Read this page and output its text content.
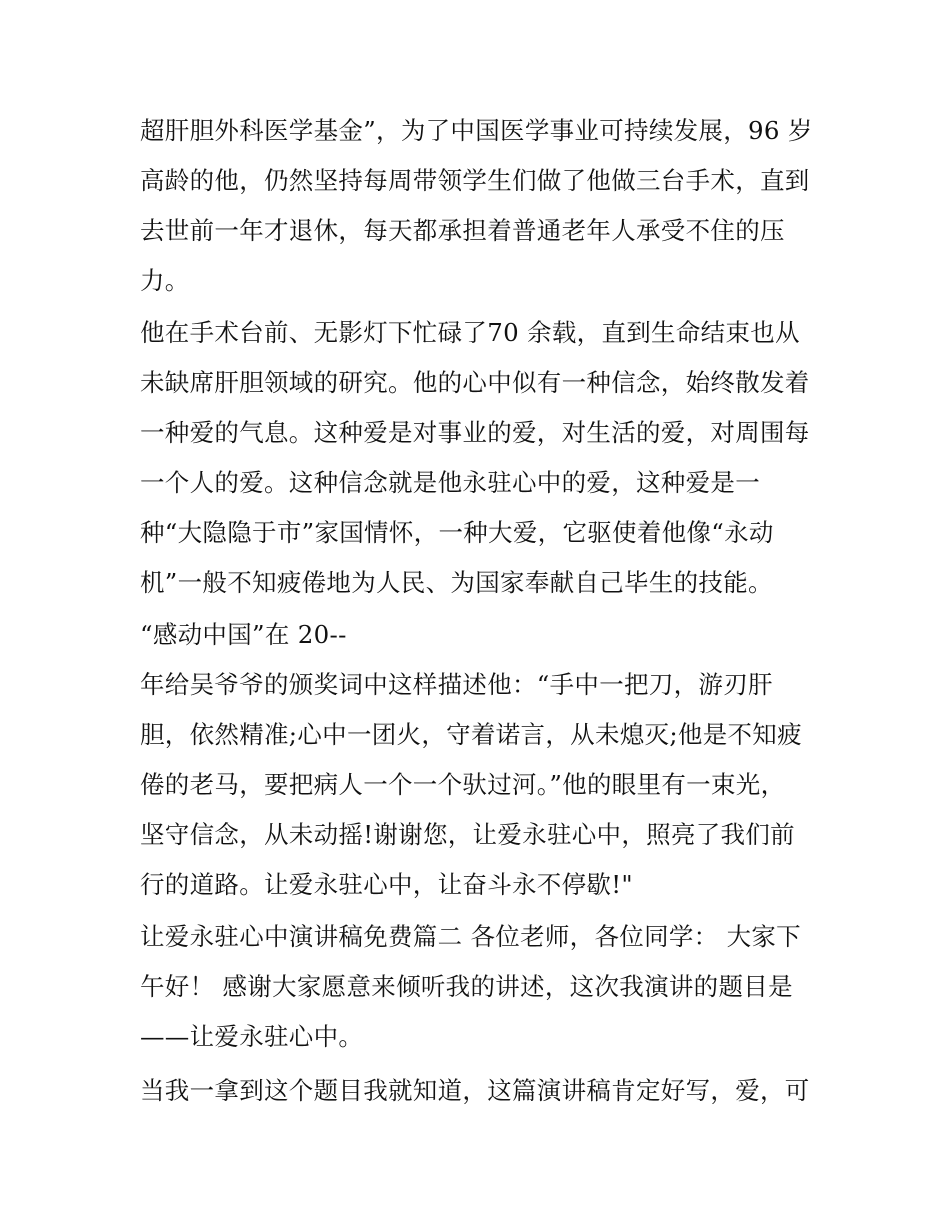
超肝胆外科医学基金”，为了中国医学事业可持续发展，96 岁
高龄的他，仍然坚持每周带领学生们做了他做三台手术，直到
去世前一年才退休，每天都承担着普通老年人承受不住的压
力。
他在手术台前、无影灯下忙碌了70 余载，直到生命结束也从
未缺席肝胆领域的研究。他的心中似有一种信念，始终散发着
一种爱的气息。这种爱是对事业的爱，对生活的爱，对周围每
一个人的爱。这种信念就是他永驻心中的爱，这种爱是一
种“大隐隐于市”家国情怀，一种大爱，它驱使着他像“永动
机”一般不知疲倦地为人民、为国家奉献自己毕生的技能。
“感动中国”在 20--
年给吴爷爷的颁奖词中这样描述他：“手中一把刀，游刃肝
胆，依然精准;心中一团火，守着诺言，从未熄灭;他是不知疲
倦的老马，要把病人一个一个驮过河。”他的眼里有一束光，
坚守信念，从未动摇!谢谢您，让爱永驻心中，照亮了我们前
行的道路。让爱永驻心中，让奋斗永不停歇!"
让爱永驻心中演讲稿免费篇二 各位老师，各位同学： 大家下
午好！ 感谢大家愿意来倾听我的讲述，这次我演讲的题目是
——让爱永驻心中。
当我一拿到这个题目我就知道，这篇演讲稿肯定好写，爱，可
